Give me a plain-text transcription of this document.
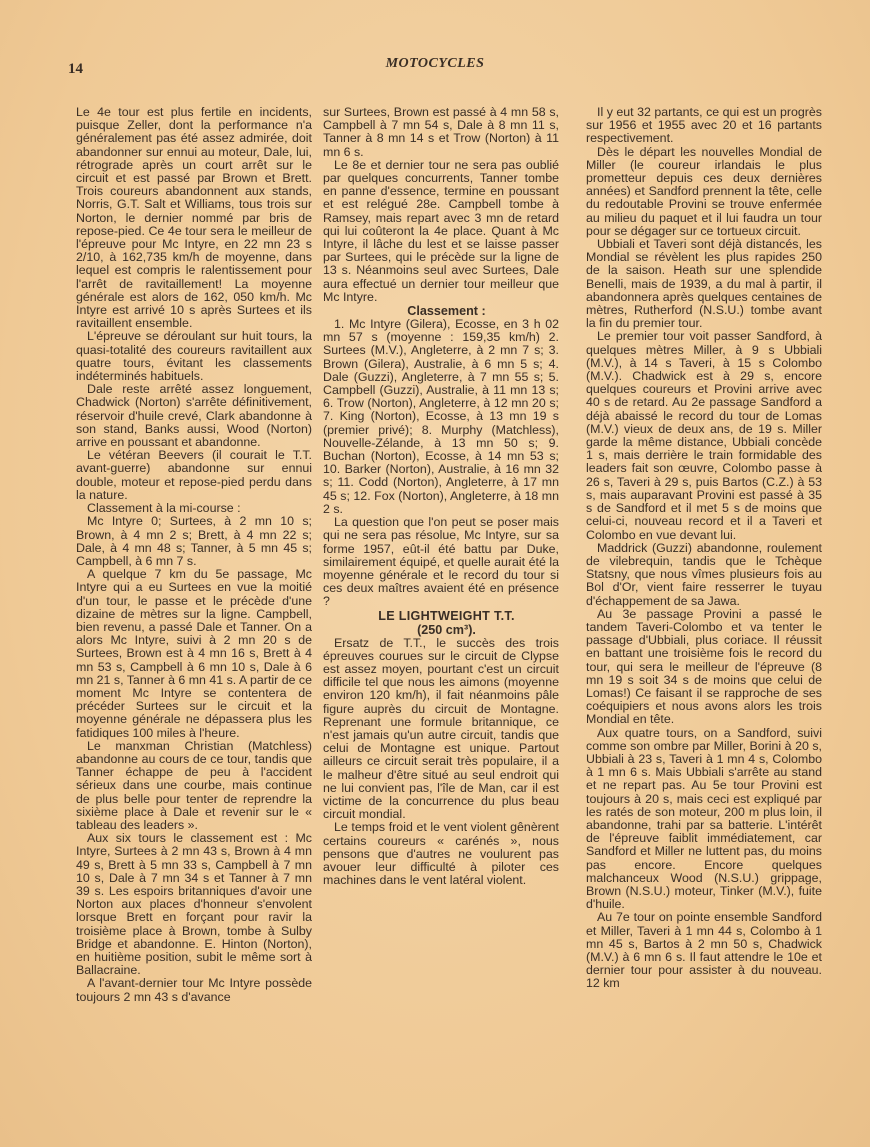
14	MOTOCYCLES

Le 4e tour est plus fertile en incidents, puisque Zeller, dont la performance n'a généralement pas été assez admirée, doit abandonner sur ennui au moteur, Dale, lui, rétrograde après un court arrêt sur le circuit et est passé par Brown et Brett. Trois coureurs abandonnent aux stands, Norris, G.T. Salt et Williams, tous trois sur Norton, le dernier nommé par bris de repose-pied. Ce 4e tour sera le meilleur de l'épreuve pour Mc Intyre, en 22 mn 23 s 2/10, à 162,735 km/h de moyenne, dans lequel est compris le ralentissement pour l'arrêt de ravitaillement! La moyenne générale est alors de 162, 050 km/h. Mc Intyre est arrivé 10 s après Surtees et ils ravitaillent ensemble.

L'épreuve se déroulant sur huit tours, la quasi-totalité des coureurs ravitaillent aux quatre tours, évitant les classements indéterminés habituels.

Dale reste arrêté assez longuement, Chadwick (Norton) s'arrête définitivement, réservoir d'huile crevé, Clark abandonne à son stand, Banks aussi, Wood (Norton) arrive en poussant et abandonne.

Le vétéran Beevers (il courait le T.T. avant-guerre) abandonne sur ennui double, moteur et repose-pied perdu dans la nature.

Classement à la mi-course :

Mc Intyre 0; Surtees, à 2 mn 10 s; Brown, à 4 mn 2 s; Brett, à 4 mn 22 s; Dale, à 4 mn 48 s; Tanner, à 5 mn 45 s; Campbell, à 6 mn 7 s.

A quelque 7 km du 5e passage, Mc Intyre qui a eu Surtees en vue la moitié d'un tour, le passe et le précède d'une dizaine de mètres sur la ligne. Campbell, bien revenu, a passé Dale et Tanner. On a alors Mc Intyre, suivi à 2 mn 20 s de Surtees, Brown est à 4 mn 16 s, Brett à 4 mn 53 s, Campbell à 6 mn 10 s, Dale à 6 mn 21 s, Tanner à 6 mn 41 s. A partir de ce moment Mc Intyre se contentera de précéder Surtees sur le circuit et la moyenne générale ne dépassera plus les fatidiques 100 miles à l'heure.

Le manxman Christian (Matchless) abandonne au cours de ce tour, tandis que Tanner échappe de peu à l'accident sérieux dans une courbe, mais continue de plus belle pour tenter de reprendre la sixième place à Dale et revenir sur le « tableau des leaders ».

Aux six tours le classement est : Mc Intyre, Surtees à 2 mn 43 s, Brown à 4 mn 49 s, Brett à 5 mn 33 s, Campbell à 7 mn 10 s, Dale à 7 mn 34 s et Tanner à 7 mn 39 s. Les espoirs britanniques d'avoir une Norton aux places d'honneur s'envolent lorsque Brett en forçant pour ravir la troisième place à Brown, tombe à Sulby Bridge et abandonne. E. Hinton (Norton), en huitième position, subit le même sort à Ballacraine.

A l'avant-dernier tour Mc Intyre possède toujours 2 mn 43 s d'avance

sur Surtees, Brown est passé à 4 mn 58 s, Campbell à 7 mn 54 s, Dale à 8 mn 11 s, Tanner à 8 mn 14 s et Trow (Norton) à 11 mn 6 s.

Le 8e et dernier tour ne sera pas oublié par quelques concurrents, Tanner tombe en panne d'essence, termine en poussant et est relégué 28e. Campbell tombe à Ramsey, mais repart avec 3 mn de retard qui lui coûteront la 4e place. Quant à Mc Intyre, il lâche du lest et se laisse passer par Surtees, qui le précède sur la ligne de 13 s. Néanmoins seul avec Surtees, Dale aura effectué un dernier tour meilleur que Mc Intyre.

Classement :

1. Mc Intyre (Gilera), Ecosse, en 3 h 02 mn 57 s (moyenne : 159,35 km/h) 2. Surtees (M.V.), Angleterre, à 2 mn 7 s; 3. Brown (Gilera), Australie, à 6 mn 5 s; 4. Dale (Guzzi), Angleterre, à 7 mn 55 s; 5. Campbell (Guzzi), Australie, à 11 mn 13 s; 6. Trow (Norton), Angleterre, à 12 mn 20 s; 7. King (Norton), Ecosse, à 13 mn 19 s (premier privé); 8. Murphy (Matchless), Nouvelle-Zélande, à 13 mn 50 s; 9. Buchan (Norton), Ecosse, à 14 mn 53 s; 10. Barker (Norton), Australie, à 16 mn 32 s; 11. Codd (Norton), Angleterre, à 17 mn 45 s; 12. Fox (Norton), Angleterre, à 18 mn 2 s.

La question que l'on peut se poser mais qui ne sera pas résolue, Mc Intyre, sur sa forme 1957, eût-il été battu par Duke, similairement équipé, et quelle aurait été la moyenne générale et le record du tour si ces deux maîtres avaient été en présence ?

LE LIGHTWEIGHT T.T.

(250 cm³).

Ersatz de T.T., le succès des trois épreuves courues sur le circuit de Clypse est assez moyen, pourtant c'est un circuit difficile tel que nous les aimons (moyenne environ 120 km/h), il fait néanmoins pâle figure auprès du circuit de Montagne. Reprenant une formule britannique, ce n'est jamais qu'un autre circuit, tandis que celui de Montagne est unique. Partout ailleurs ce circuit serait très populaire, il a le malheur d'être situé au seul endroit qui ne lui convient pas, l'île de Man, car il est victime de la concurrence du plus beau circuit mondial.

Le temps froid et le vent violent gênèrent certains coureurs « carénés », nous pensons que d'autres ne voulurent pas avouer leur difficulté à piloter ces machines dans le vent latéral violent.

Il y eut 32 partants, ce qui est un progrès sur 1956 et 1955 avec 20 et 16 partants respectivement.

Dès le départ les nouvelles Mondial de Miller (le coureur irlandais le plus prometteur depuis ces deux dernières années) et Sandford prennent la tête, celle du redoutable Provini se trouve enfermée au milieu du paquet et il lui faudra un tour pour se dégager sur ce tortueux circuit.

Ubbiali et Taveri sont déjà distancés, les Mondial se révèlent les plus rapides 250 de la saison. Heath sur une splendide Benelli, mais de 1939, a du mal à partir, il abandonnera après quelques centaines de mètres, Rutherford (N.S.U.) tombe avant la fin du premier tour.

Le premier tour voit passer Sandford, à quelques mètres Miller, à 9 s Ubbiali (M.V.), à 14 s Taveri, à 15 s Colombo (M.V.). Chadwick est à 29 s, encore quelques coureurs et Provini arrive avec 40 s de retard. Au 2e passage Sandford a déjà abaissé le record du tour de Lomas (M.V.) vieux de deux ans, de 19 s. Miller garde la même distance, Ubbiali concède 1 s, mais derrière le train formidable des leaders fait son œuvre, Colombo passe à 26 s, Taveri à 29 s, puis Bartos (C.Z.) à 53 s, mais auparavant Provini est passé à 35 s de Sandford et il met 5 s de moins que celui-ci, nouveau record et il a Taveri et Colombo en vue devant lui.

Maddrick (Guzzi) abandonne, roulement de vilebrequin, tandis que le Tchèque Statsny, que nous vîmes plusieurs fois au Bol d'Or, vient faire resserrer le tuyau d'échappement de sa Jawa.

Au 3e passage Provini a passé le tandem Taveri-Colombo et va tenter le passage d'Ubbiali, plus coriace. Il réussit en battant une troisième fois le record du tour, qui sera le meilleur de l'épreuve (8 mn 19 s soit 34 s de moins que celui de Lomas!) Ce faisant il se rapproche de ses coéquipiers et nous avons alors les trois Mondial en tête.

Aux quatre tours, on a Sandford, suivi comme son ombre par Miller, Borini à 20 s, Ubbiali à 23 s, Taveri à 1 mn 4 s, Colombo à 1 mn 6 s. Mais Ubbiali s'arrête au stand et ne repart pas. Au 5e tour Provini est toujours à 20 s, mais ceci est expliqué par les ratés de son moteur, 200 m plus loin, il abandonne, trahi par sa batterie. L'intérêt de l'épreuve faiblit immédiatement, car Sandford et Miller ne luttent pas, du moins pas encore. Encore quelques malchanceux Wood (N.S.U.) grippage, Brown (N.S.U.) moteur, Tinker (M.V.), fuite d'huile.

Au 7e tour on pointe ensemble Sandford et Miller, Taveri à 1 mn 44 s, Colombo à 1 mn 45 s, Bartos à 2 mn 50 s, Chadwick (M.V.) à 6 mn 6 s. Il faut attendre le 10e et dernier tour pour assister à du nouveau. 12 km
